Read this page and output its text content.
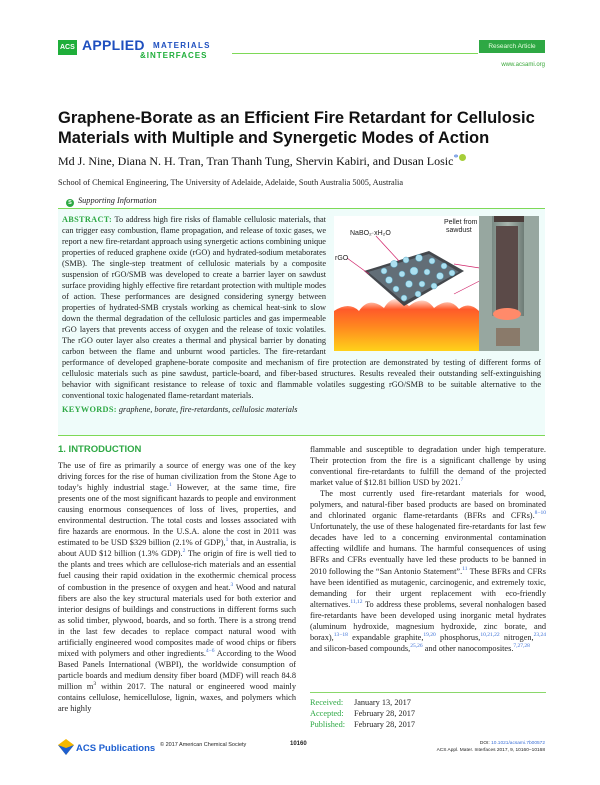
ACS APPLIED MATERIALS
&INTERFACES
Research Article
www.acsami.org
Graphene-Borate as an Efficient Fire Retardant for Cellulosic Materials with Multiple and Synergetic Modes of Action
Md J. Nine, Diana N. H. Tran, Tran Thanh Tung, Shervin Kabiri, and Dusan Losic*
School of Chemical Engineering, The University of Adelaide, Adelaide, South Australia 5005, Australia
S Supporting Information
NaBO₂·xH₂O
rGO
Pellet from sawdust
ABSTRACT: To address high fire risks of flamable cellulosic materials, that can trigger easy combustion, flame propagation, and release of toxic gases, we report a new fire-retardant approach using synergetic actions combining unique properties of reduced graphene oxide (rGO) and hydrated-sodium metaborates (SMB). The single-step treatment of cellulosic materials by a composite suspension of rGO/SMB was developed to create a barrier layer on sawdust surface providing highly effective fire retardant protection with multiple modes of action. These performances are designed considering synergy between properties of hydrated-SMB crystals working as chemical heat-sink to slow down the thermal degradation of the cellulosic particles and gas impermeable rGO layers that prevents access of oxygen and the release of toxic volatiles. The rGO outer layer also creates a thermal and physical barrier by donating carbon between the flame and unburnt wood particles. The fire-retardant performance of developed graphene-borate composite and mechanism of fire protection are demonstrated by testing of different forms of cellulosic materials such as pine sawdust, particle-board, and fiber-based structures. Results revealed their outstanding self-extinguishing behavior with significant resistance to release of toxic and flammable volatiles suggesting rGO/SMB to be suitable alternative to the conventional toxic halogenated flame-retardant materials.
KEYWORDS: graphene, borate, fire-retardants, cellulosic materials
1. INTRODUCTION

The use of fire as primarily a source of energy was one of the key driving forces for the rise of human civilization from the Stone Age to today’s highly industrial stage.$^1$ However, at the same time, fire presents one of the most significant hazards to people and environment causing enormous consequences of loss of lives, properties, and environmental destruction. The total costs and losses associated with fire hazards are enormous. In the U.S.A. alone the cost in 2011 was estimated to be USD $329 billion (2.1% of GDP),$^1$ that, in Australia, is about AUD $12 billion (1.3% GDP).$^2$ The origin of fire is well tied to the plants and trees which are cellulose-rich materials and an essential fuel causing their rapid oxidation in the exothermic chemical process of combustion in the presence of oxygen and heat.$^3$ Wood and natural fibers are also the key structural materials used for both exterior and interior designs of buildings and constructions in different forms such as solid timber, plywood, boards, and so forth. There is a strong trend in the last few decades to replace compact natural wood with artificially engineered wood composites made of wood chips or fibers mixed with polymers and other ingredients.$^{4-6}$ According to the Wood Based Panels International (WBPI), the worldwide consumption of particle boards and medium density fiber board (MDF) will reach 84.8 million $m^3$ within 2017. The natural or engineered wood mainly contains cellulose, hemicellulose, lignin, waxes, and polymers which are highly

flammable and susceptible to degradation under high temperature. Their protection from the fire is a significant challenge by using conventional fire-retardants to fulfill the demand of the projected market value of $12.81 billion USD by 2021.$^7$

The most currently used fire-retardant materials for wood, polymers, and natural-fiber based products are based on brominated and chlorinated organic flame-retardants (BFRs and CFRs).$^{8-10}$ Unfortunately, the use of these halogenated fire-retardants for last few decades have led to a concerning environmental contamination affecting wildlife and humans. The harmful consequences of using BFRs and CFRs eventually have led these products to be banned in 2010 following the “San Antonio Statement”.$^{11}$ These BFRs and CFRs have been identified as mutagenic, carcinogenic, and extremely toxic, demanding for their urgent replacement with eco-friendly alternatives.$^{11,12}$ To address these problems, several nonhalogen based fire-retardants have been developed using inorganic metal hydrates (aluminum hydroxide, magnesium hydroxide, zinc borate, and borax),$^{13-18}$ expandable graphite,$^{19,20}$ phosphorus,$^{10,21,22}$ nitrogen,$^{23,24}$ and silicon-based compounds,$^{25,26}$ and other nanocomposites.$^{7,27,28}$

Received: January 13, 2017
Accepted: February 28, 2017
Published: February 28, 2017
ACS Publications © 2017 American Chemical Society	10160	DOI: 10.1021/acsami.7b00572
ACS Appl. Mater. Interfaces 2017, 9, 10160−10168
